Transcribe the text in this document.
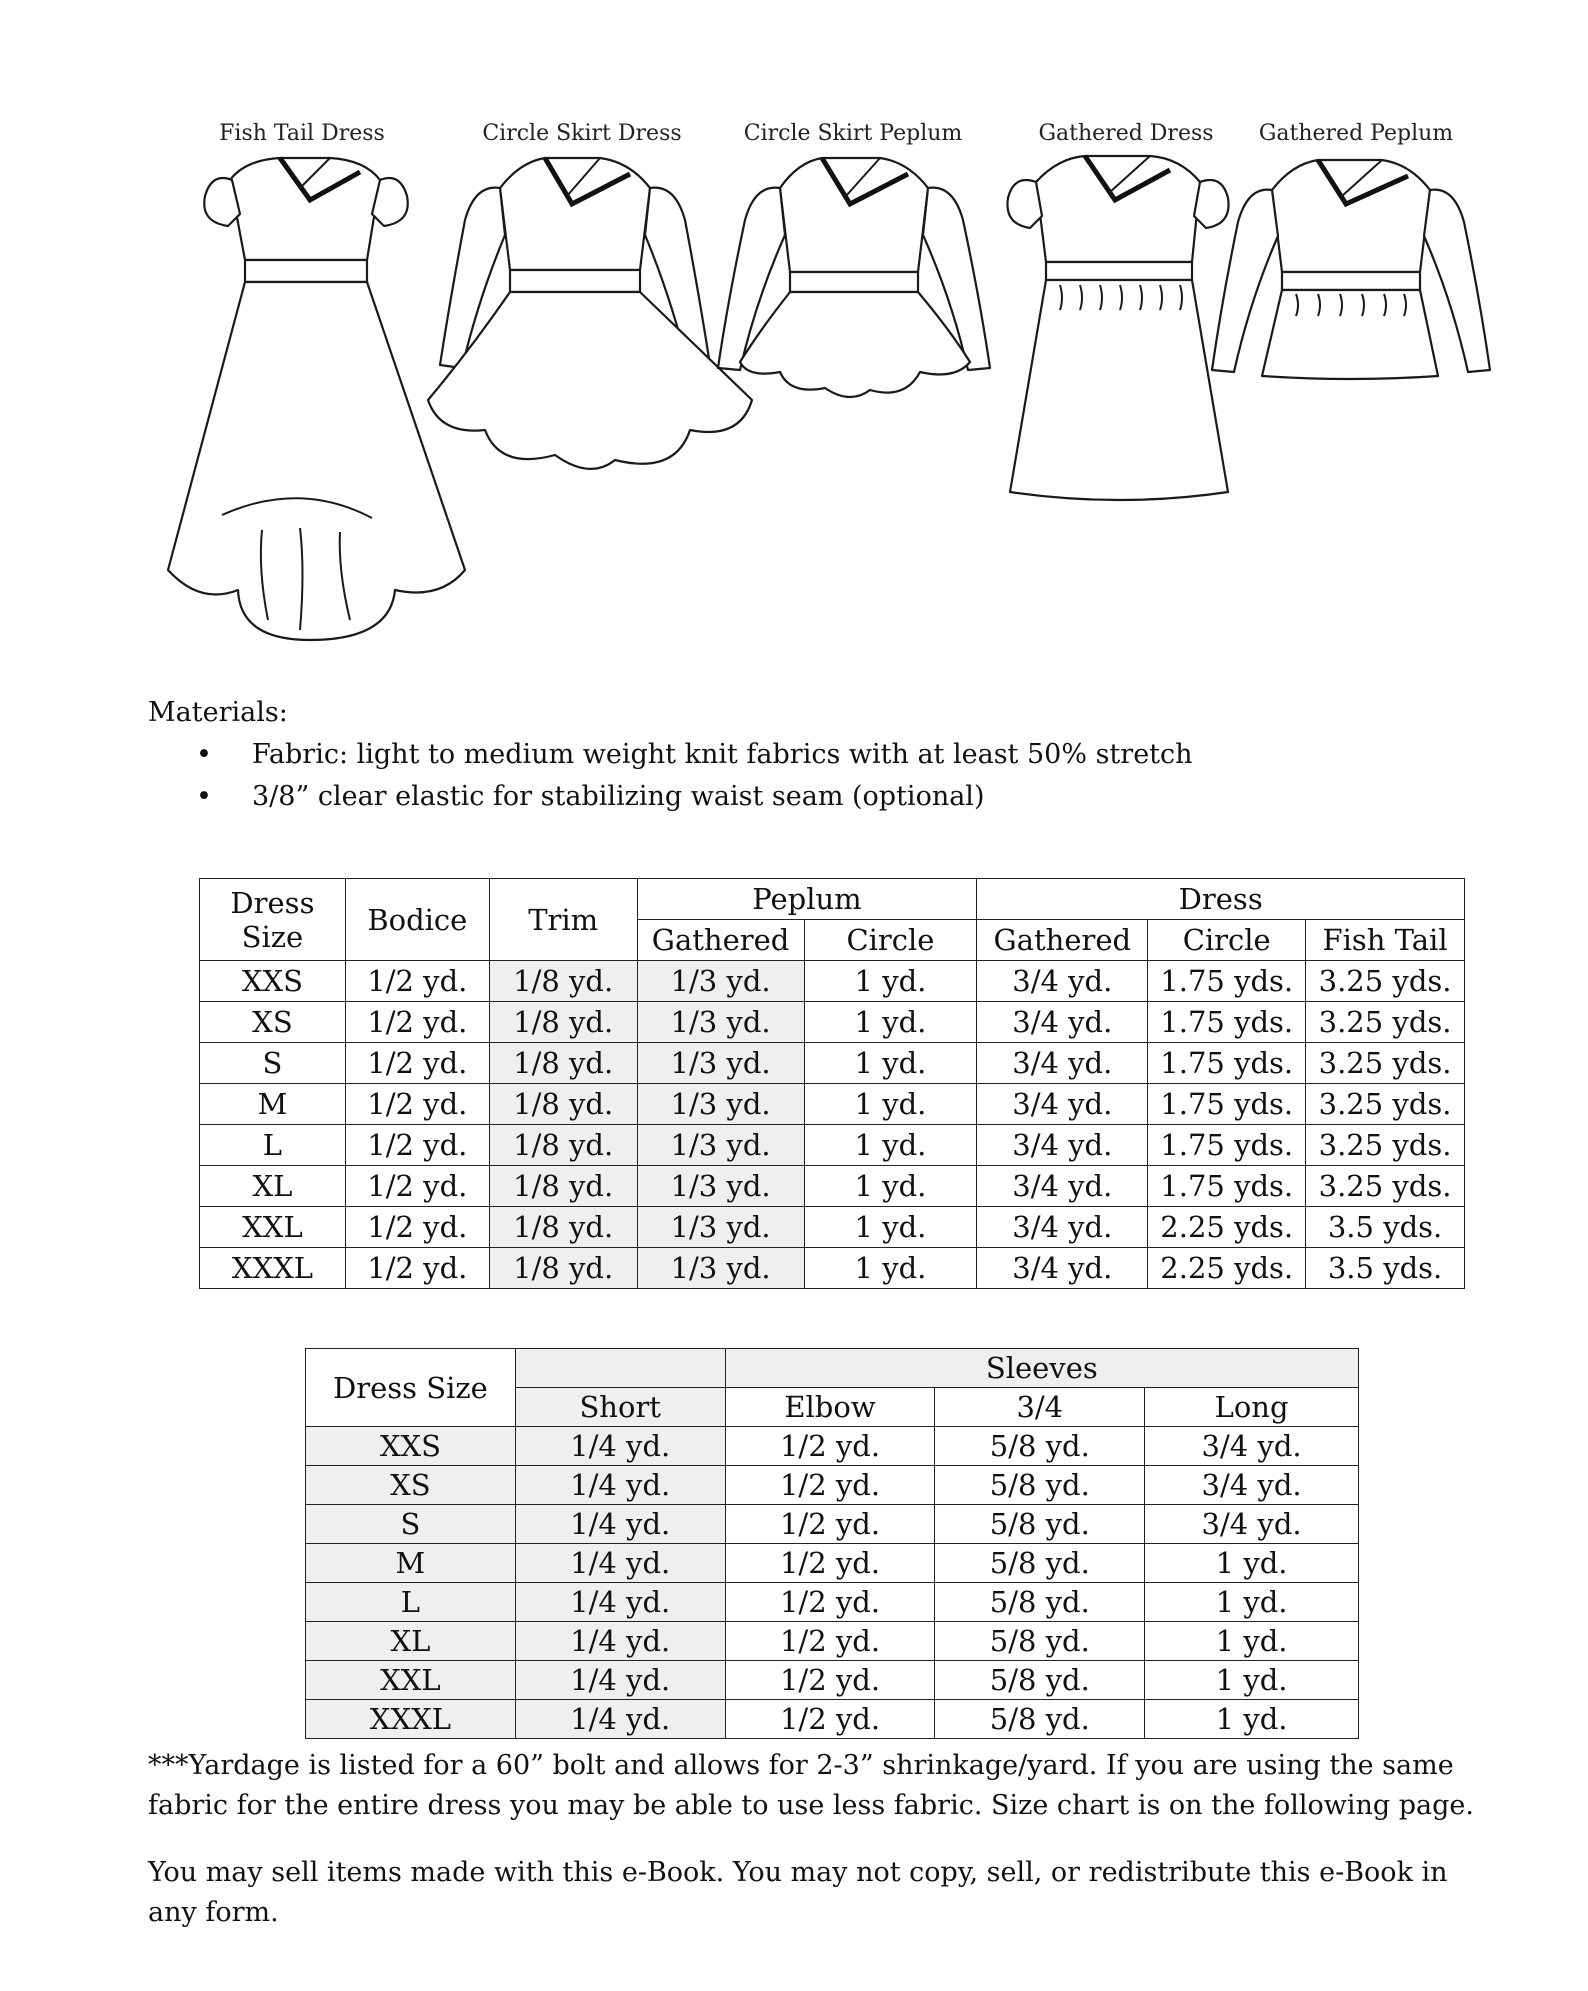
Fish Tail Dress	Circle Skirt Dress	Circle Skirt Peplum	Gathered Dress Gathered Peplum
Materials:
• Fabric: light to medium weight knit fabrics with at least 50% stretch
• 3/8” clear elastic for stabilizing waist seam (optional)
Dress Size	Bodice	Trim	Peplum		Dress		
			Gathered	Circle	Gathered	Circle	Fish Tail
XXS	1/2 yd.	1/8 yd.	1/3 yd.	1 yd.	3/4 yd.	1.75 yds.	3.25 yds.
XS	1/2 yd.	1/8 yd.	1/3 yd.	1 yd.	3/4 yd.	1.75 yds.	3.25 yds.
S	1/2 yd.	1/8 yd.	1/3 yd.	1 yd.	3/4 yd.	1.75 yds.	3.25 yds.
M	1/2 yd.	1/8 yd.	1/3 yd.	1 yd.	3/4 yd.	1.75 yds.	3.25 yds.
L	1/2 yd.	1/8 yd.	1/3 yd.	1 yd.	3/4 yd.	1.75 yds.	3.25 yds.
XL	1/2 yd.	1/8 yd.	1/3 yd.	1 yd.	3/4 yd.	1.75 yds.	3.25 yds.
XXL	1/2 yd.	1/8 yd.	1/3 yd.	1 yd.	3/4 yd.	2.25 yds.	3.5 yds.
XXXL	1/2 yd.	1/8 yd.	1/3 yd.	1 yd.	3/4 yd.	2.25 yds.	3.5 yds.
Dress Size		Sleeves		
	Short	Elbow	3/4	Long
XXS	1/4 yd.	1/2 yd.	5/8 yd.	3/4 yd.
XS	1/4 yd.	1/2 yd.	5/8 yd.	3/4 yd.
S	1/4 yd.	1/2 yd.	5/8 yd.	3/4 yd.
M	1/4 yd.	1/2 yd.	5/8 yd.	1 yd.
L	1/4 yd.	1/2 yd.	5/8 yd.	1 yd.
XL	1/4 yd.	1/2 yd.	5/8 yd.	1 yd.
XXL	1/4 yd.	1/2 yd.	5/8 yd.	1 yd.
XXXL	1/4 yd.	1/2 yd.	5/8 yd.	1 yd.
***Yardage is listed for a 60” bolt and allows for 2-3” shrinkage/yard. If you are using the same fabric for the entire dress you may be able to use less fabric. Size chart is on the following page.
You may sell items made with this e-Book. You may not copy, sell, or redistribute this e-Book in any form.
